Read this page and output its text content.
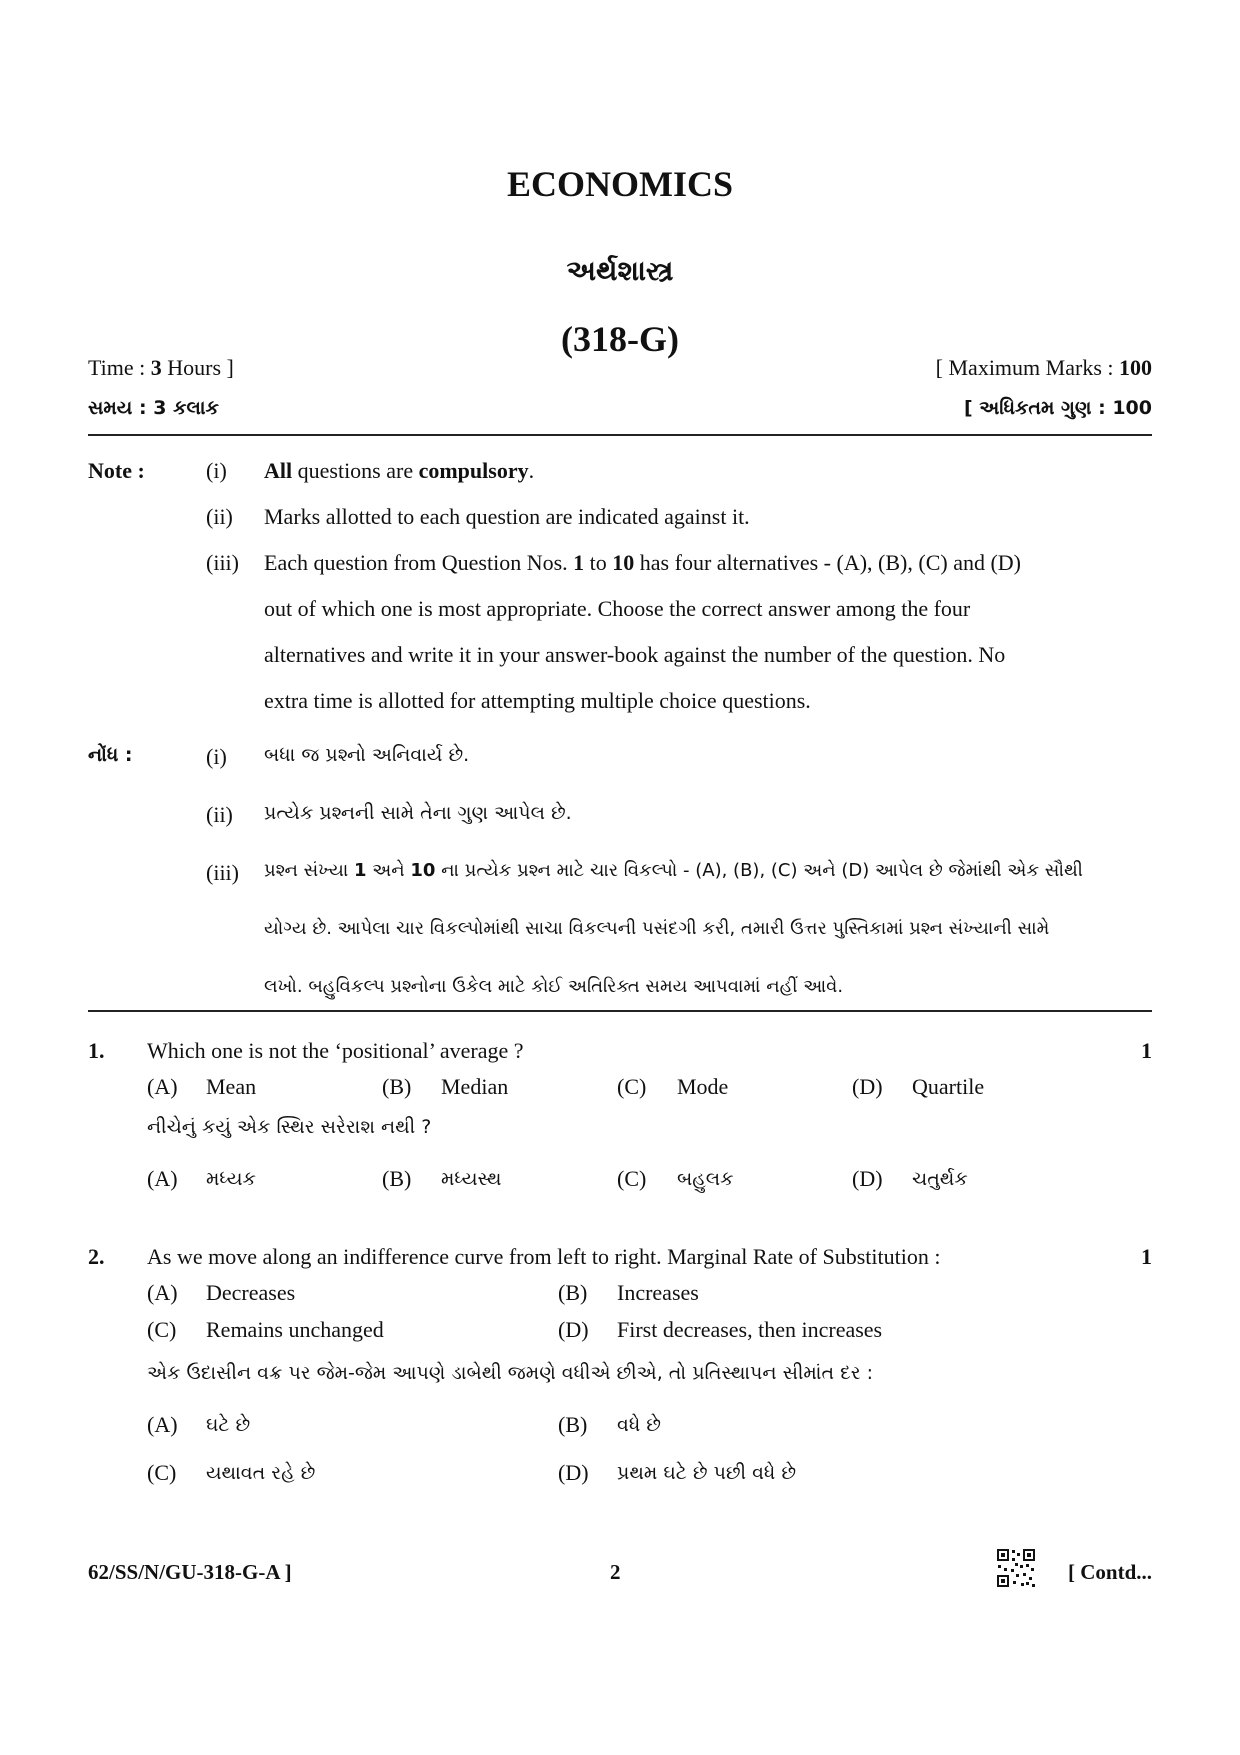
ECONOMICS
અર્થશાસ્ત્ર
(318-G)
Time : 3 Hours ]	[ Maximum Marks : 100
સમય : 3 કલાક	[ અધિકતમ ગુણ : 100
Note :	(i) All questions are compulsory.
(ii) Marks allotted to each question are indicated against it.
(iii) Each question from Question Nos. 1 to 10 has four alternatives - (A), (B), (C) and (D)
out of which one is most appropriate. Choose the correct answer among the four
alternatives and write it in your answer-book against the number of the question. No
extra time is allotted for attempting multiple choice questions.
નોંધ :	(i) બધા જ પ્રશ્નો અનિવાર્ય છે.
(ii) પ્રત્યેક પ્રશ્નની સામે તેના ગુણ આપેલ છે.
(iii) પ્રશ્ન સંખ્યા 1 અને 10 ના પ્રત્યેક પ્રશ્ન માટે ચાર વિકલ્પો - (A), (B), (C) અને (D) આપેલ છે જેમાંથી એક સૌથી
યોગ્ય છે. આપેલા ચાર વિકલ્પોમાંથી સાચા વિકલ્પની પસંદગી કરી, તમારી ઉત્તર પુસ્તિકામાં પ્રશ્ન સંખ્યાની સામે
લખો. બહુવિકલ્પ પ્રશ્નોના ઉકેલ માટે કોઈ અતિરિક્ત સમય આપવામાં નહીં આવે.
1. Which one is not the ‘positional’ average ?	1
(A) Mean	(B) Median	(C) Mode	(D) Quartile
નીચેનું કયું એક સ્થિર સરેરાશ નથી ?
(A) મધ્યક	(B) મધ્યસ્થ	(C) બહુલક	(D) ચતુર્થક
2. As we move along an indifference curve from left to right. Marginal Rate of Substitution :	1
(A) Decreases	(B) Increases
(C) Remains unchanged	(D) First decreases, then increases
એક ઉદાસીન વક્ર પર જેમ-જેમ આપણે ડાબેથી જમણે વધીએ છીએ, તો પ્રતિસ્થાપન સીમાંત દર :
(A) ઘટે છે	(B) વધે છે
(C) યથાવત રહે છે	(D) પ્રથમ ઘટે છે પછી વધે છે
62/SS/N/GU-318-G-A ]	2	[ Contd...
